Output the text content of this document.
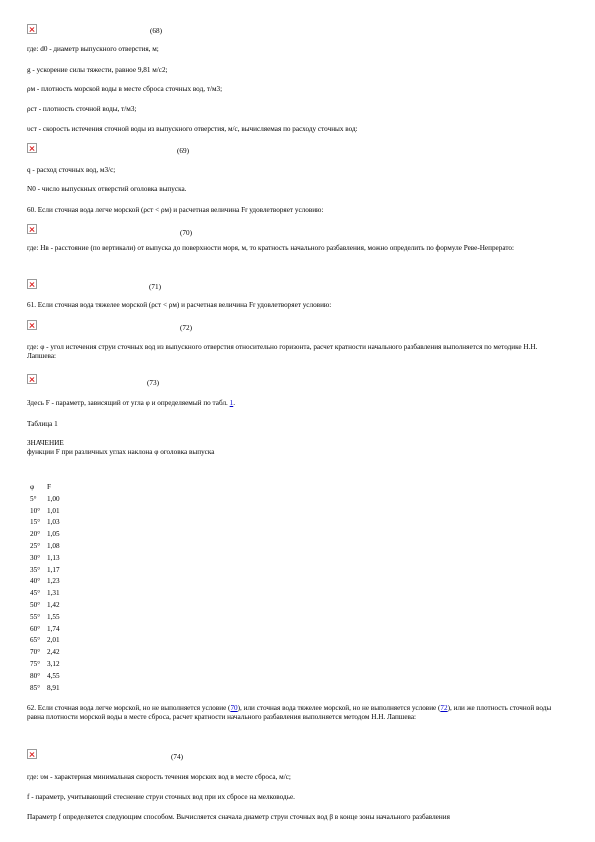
(68)
где: d0 - диаметр выпускного отверстия, м;
g - ускорение силы тяжести, равное 9,81 м/с2;
ρм - плотность морской воды в месте сброса сточных вод, т/м3;
ρст - плотность сточной воды, т/м3;
υст - скорость истечения сточной воды из выпускного отверстия, м/с, вычисляемая по расходу сточных вод:
(69)
q - расход сточных вод, м3/с;
N0 - число выпускных отверстий оголовка выпуска.
60. Если сточная вода легче морской (ρст < ρм) и расчетная величина Fr удовлетворяет условию:
(70)
где: Hв - расстояние (по вертикали) от выпуска до поверхности моря, м, то кратность начального разбавления, можно определить по формуле Реве-Непрерато:
(71)
61. Если сточная вода тяжелее морской (ρст < ρм) и расчетная величина Fr удовлетворяет условию:
(72)
где: φ - угол истечения струи сточных вод из выпускного отверстия относительно горизонта, расчет кратности начального разбавления выполняется по методике Н.Н. Лапшева:
(73)
Здесь F - параметр, зависящий от угла φ и определяемый по табл. 1.
Таблица 1
ЗНАЧЕНИЕ
функции F при различных углах наклона φ оголовка выпуска
φ	F
5°	1,00
10° 1,01
15° 1,03
20° 1,05
25° 1,08
30° 1,13
35° 1,17
40° 1,23
45° 1,31
50° 1,42
55° 1,55
60° 1,74
65° 2,01
70° 2,42
75° 3,12
80° 4,55
85° 8,91
62. Если сточная вода легче морской, но не выполняется условие (70), или сточная вода тяжелее морской, но не выполняется условие (72), или же плотность сточной воды равна плотности морской воды в месте сброса, расчет кратности начального разбавления выполняется методом Н.Н. Лапшева:
(74)
где: υм - характерная минимальная скорость течения морских вод в месте сброса, м/с;
f - параметр, учитывающий стеснение струи сточных вод при их сбросе на мелководье.
Параметр f определяется следующим способом. Вычисляется сначала диаметр струи сточных вод β в конце зоны начального разбавления
